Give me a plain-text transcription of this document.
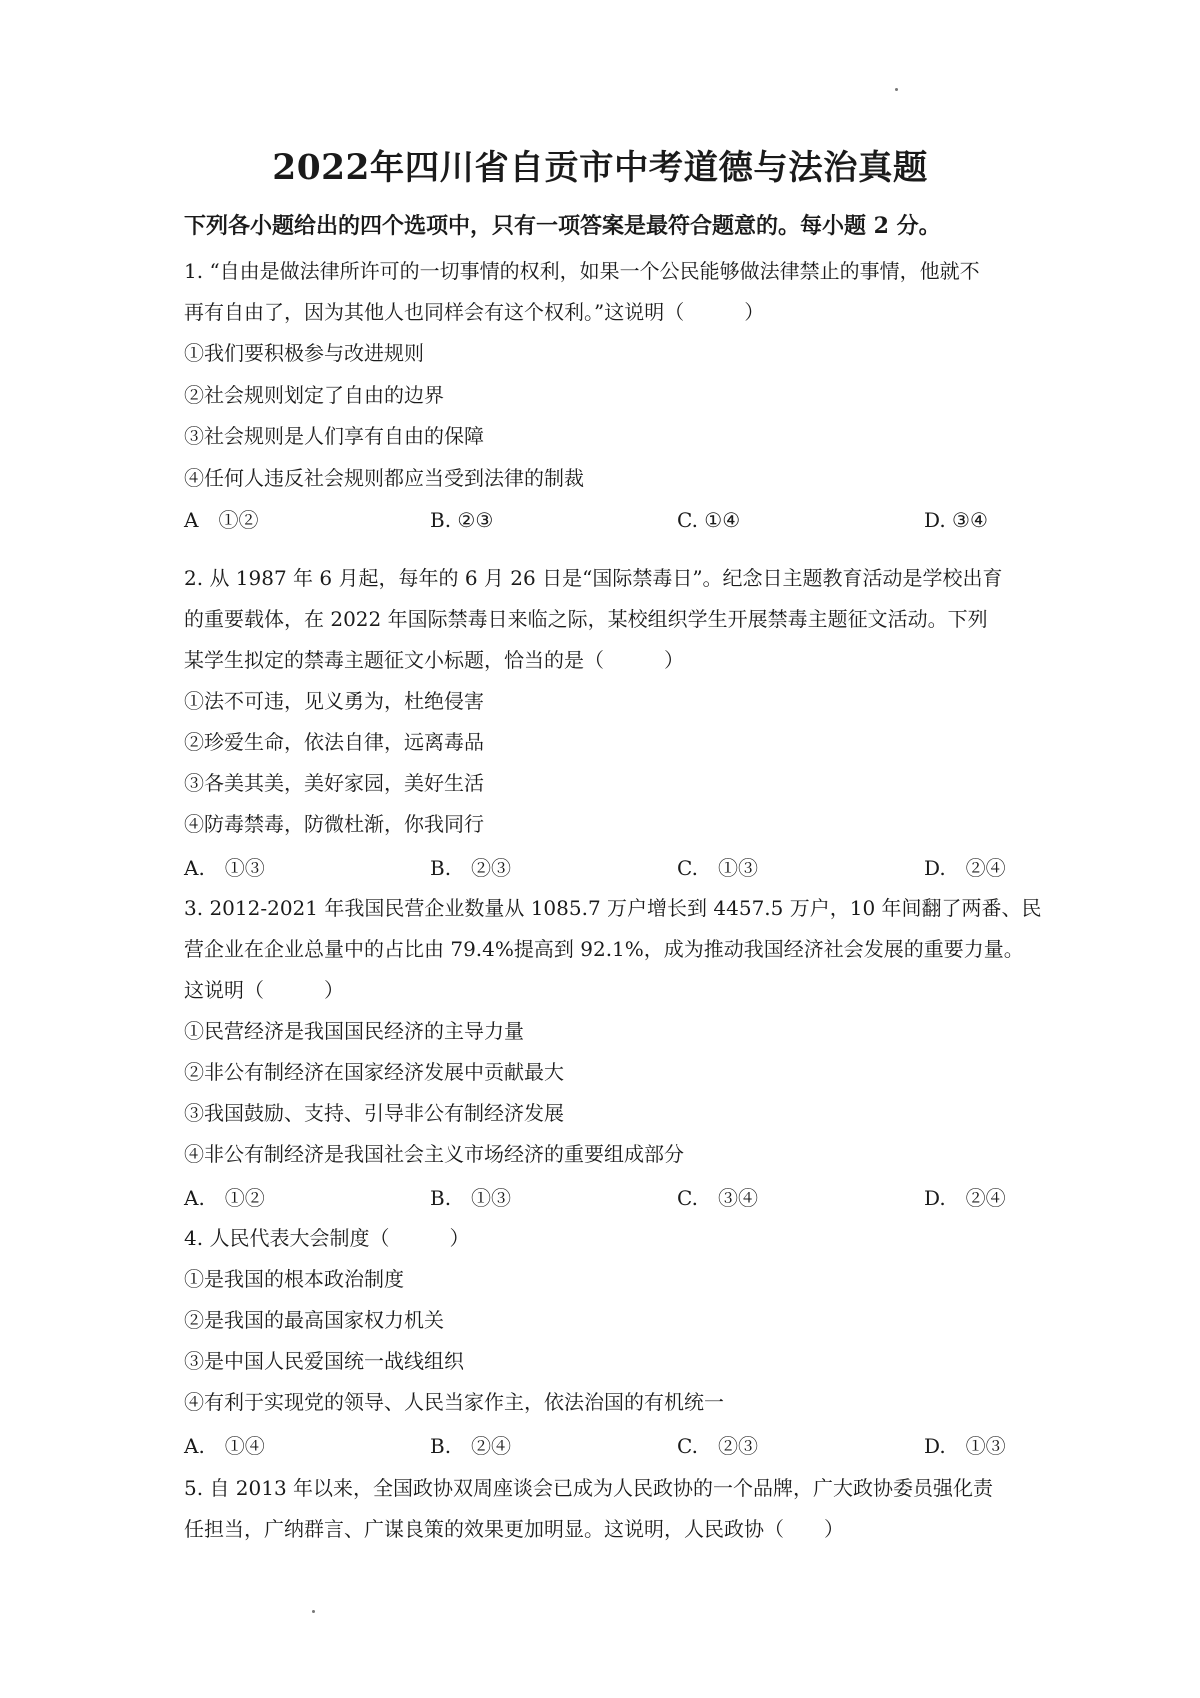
2022年四川省自贡市中考道德与法治真题
下列各小题给出的四个选项中，只有一项答案是最符合题意的。每小题 2 分。
1. “自由是做法律所许可的一切事情的权利，如果一个公民能够做法律禁止的事情，他就不
再有自由了，因为其他人也同样会有这个权利。”这说明（　　　）
①我们要积极参与改进规则
②社会规则划定了自由的边界
③社会规则是人们享有自由的保障
④任何人违反社会规则都应当受到法律的制裁
A　①②	B. ②③	C. ①④	D. ③④
2. 从 1987 年 6 月起，每年的 6 月 26 日是“国际禁毒日”。纪念日主题教育活动是学校出育
的重要载体，在 2022 年国际禁毒日来临之际，某校组织学生开展禁毒主题征文活动。下列
某学生拟定的禁毒主题征文小标题，恰当的是（　　　）
①法不可违，见义勇为，杜绝侵害
②珍爱生命，依法自律，远离毒品
③各美其美，美好家园，美好生活
④防毒禁毒，防微杜渐，你我同行
A.　①③	B.　②③	C.　①③	D.　②④
3. 2012-2021 年我国民营企业数量从 1085.7 万户增长到 4457.5 万户，10 年间翻了两番、民
营企业在企业总量中的占比由 79.4%提高到 92.1%，成为推动我国经济社会发展的重要力量。
这说明（　　　）
①民营经济是我国国民经济的主导力量
②非公有制经济在国家经济发展中贡献最大
③我国鼓励、支持、引导非公有制经济发展
④非公有制经济是我国社会主义市场经济的重要组成部分
A.　①②	B.　①③	C.　③④	D.　②④
4. 人民代表大会制度（　　　）
①是我国的根本政治制度
②是我国的最高国家权力机关
③是中国人民爱国统一战线组织
④有利于实现党的领导、人民当家作主，依法治国的有机统一
A.　①④	B.　②④	C.　②③	D.　①③
5. 自 2013 年以来，全国政协双周座谈会已成为人民政协的一个品牌，广大政协委员强化责
任担当，广纳群言、广谋良策的效果更加明显。这说明，人民政协（　　）
